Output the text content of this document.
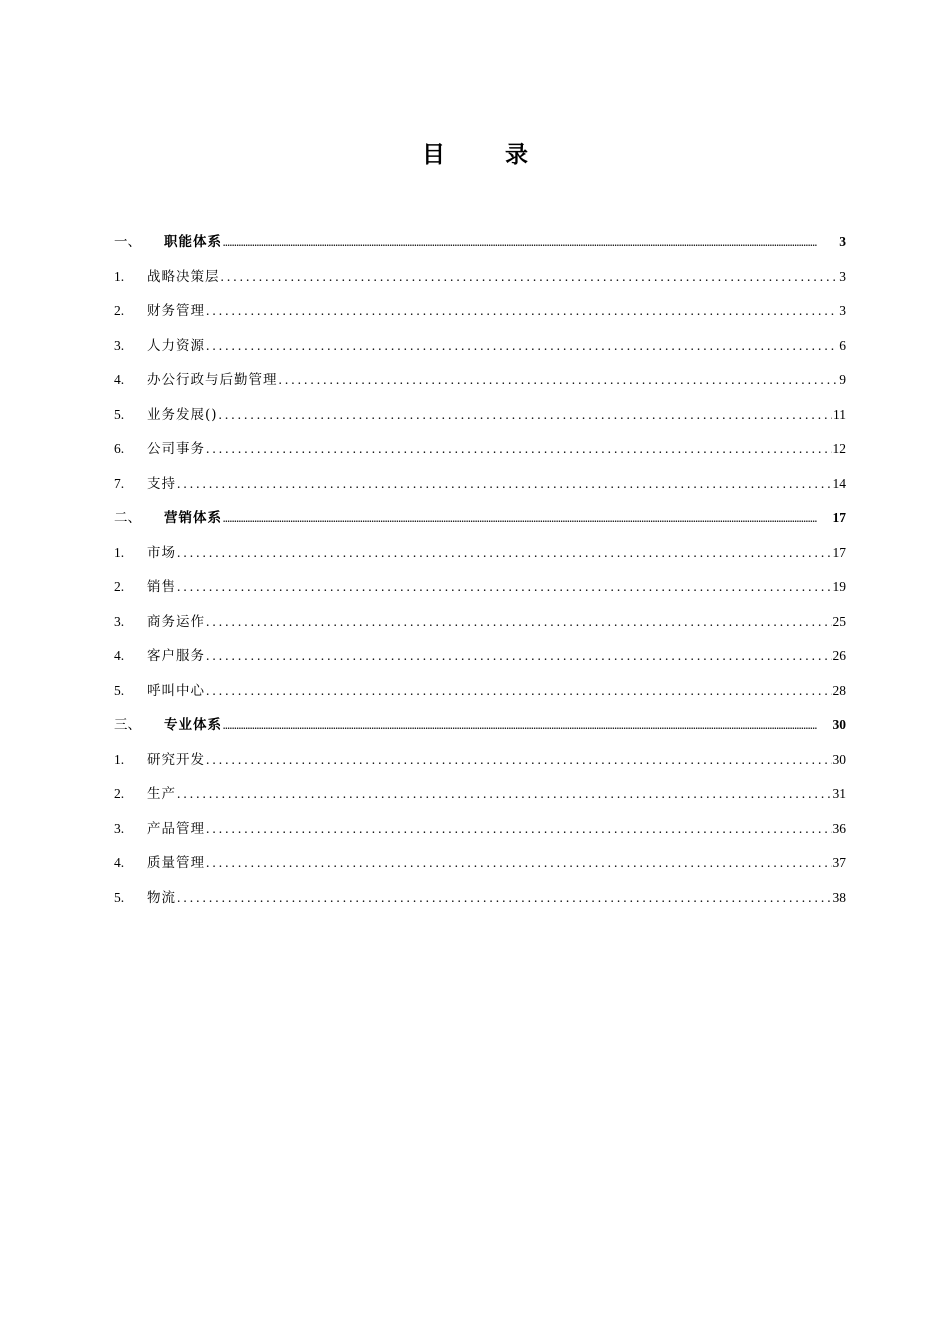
目 录
一、	职能体系 .....	3
1.	战略决策层 .....	3
2.	财务管理 .....	3
3.	人力资源 .....	6
4.	办公行政与后勤管理 .....	9
5.	业务发展() .....	11
6.	公司事务 .....	12
7.	支持 .....	14
二、	营销体系 .....	17
1.	市场 .....	17
2.	销售 .....	19
3.	商务运作 .....	25
4.	客户服务 .....	26
5.	呼叫中心 .....	28
三、	专业体系 .....	30
1.	研究开发 .....	30
2.	生产 .....	31
3.	产品管理 .....	36
4.	质量管理 .....	37
5.	物流 .....	38
